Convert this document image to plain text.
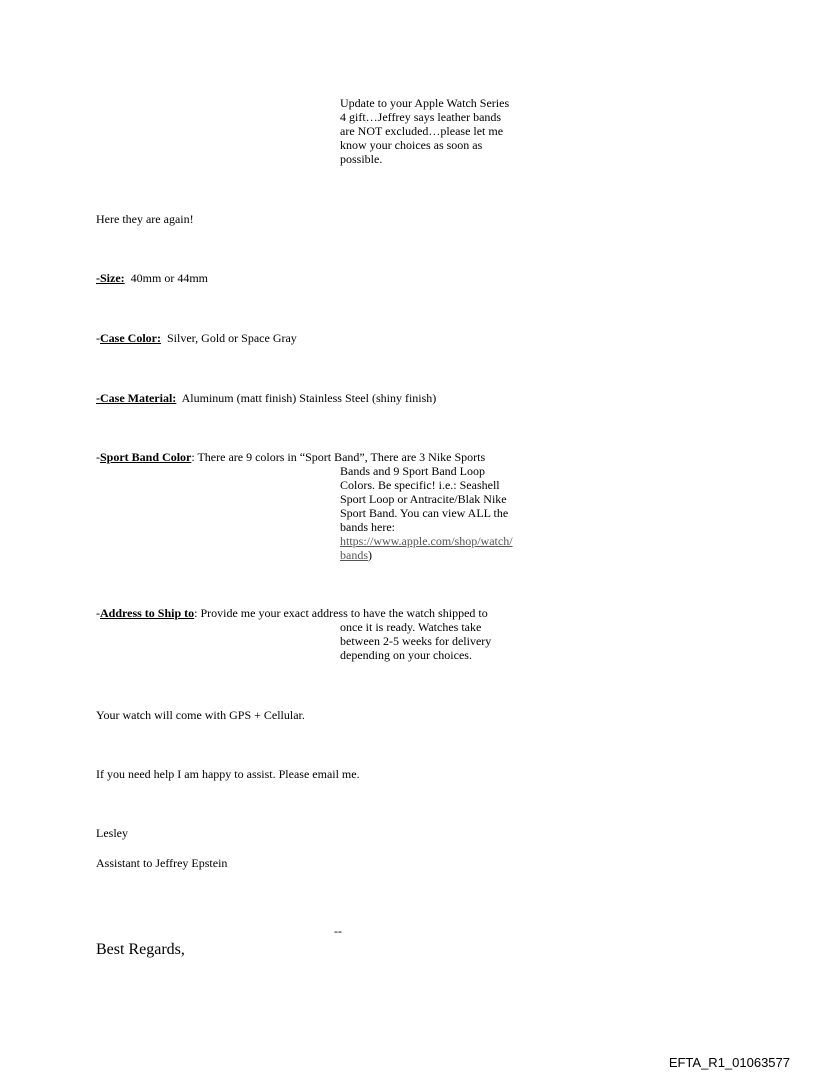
Update to your Apple Watch Series 4 gift…Jeffrey says leather bands are NOT excluded…please let me know your choices as soon as possible.
Here they are again!
-Size: 40mm or 44mm
-Case Color: Silver, Gold or Space Gray
-Case Material: Aluminum (matt finish) Stainless Steel (shiny finish)
-Sport Band Color: There are 9 colors in “Sport Band”, There are 3 Nike Sports
Bands and 9 Sport Band Loop Colors. Be specific! i.e.: Seashell Sport Loop or Antracite/Blak Nike Sport Band. You can view ALL the bands here:
https://www.apple.com/shop/watch/bands)
-Address to Ship to: Provide me your exact address to have the watch shipped to
once it is ready. Watches take between 2-5 weeks for delivery depending on your choices.
Your watch will come with GPS + Cellular.
If you need help I am happy to assist. Please email me.
Lesley
Assistant to Jeffrey Epstein
--
Best Regards,
EFTA_R1_01063577
